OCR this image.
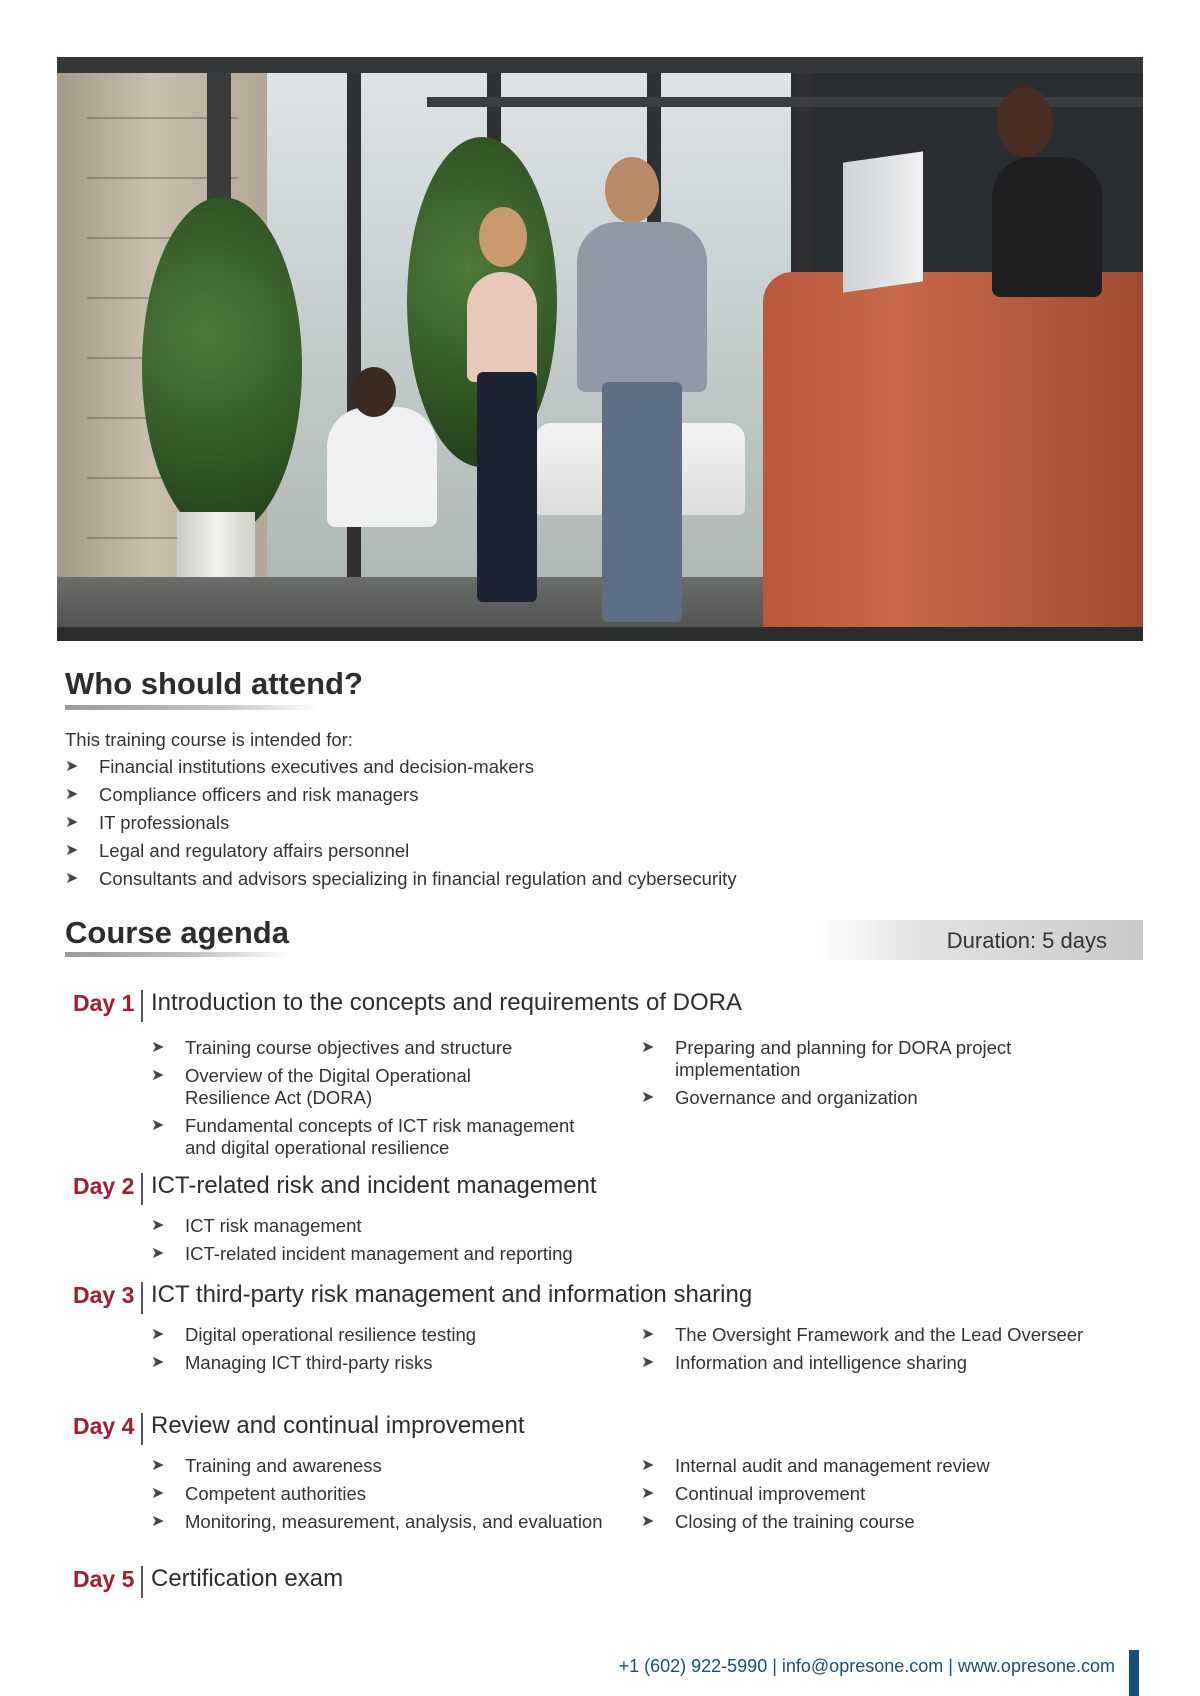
Who should attend?

This training course is intended for:

➤ Financial institutions executives and decision-makers
➤ Compliance officers and risk managers
➤ IT professionals
➤ Legal and regulatory affairs personnel
➤ Consultants and advisors specializing in financial regulation and cybersecurity
Course agenda	Duration: 5 days
Day 1 Introduction to the concepts and requirements of DORA
➤ Training course objectives and structure
➤ Overview of the Digital Operational Resilience Act (DORA)
➤ Fundamental concepts of ICT risk management and digital operational resilience
➤ Preparing and planning for DORA project implementation
➤ Governance and organization
Day 2 ICT-related risk and incident management
➤ ICT risk management
➤ ICT-related incident management and reporting
Day 3 ICT third-party risk management and information sharing
➤ Digital operational resilience testing
➤ Managing ICT third-party risks
➤ The Oversight Framework and the Lead Overseer
➤ Information and intelligence sharing
Day 4 Review and continual improvement
➤ Training and awareness
➤ Competent authorities
➤ Monitoring, measurement, analysis, and evaluation
➤ Internal audit and management review
➤ Continual improvement
➤ Closing of the training course
Day 5 Certification exam
+1 (602) 922-5990 | info@opresone.com | www.opresone.com
